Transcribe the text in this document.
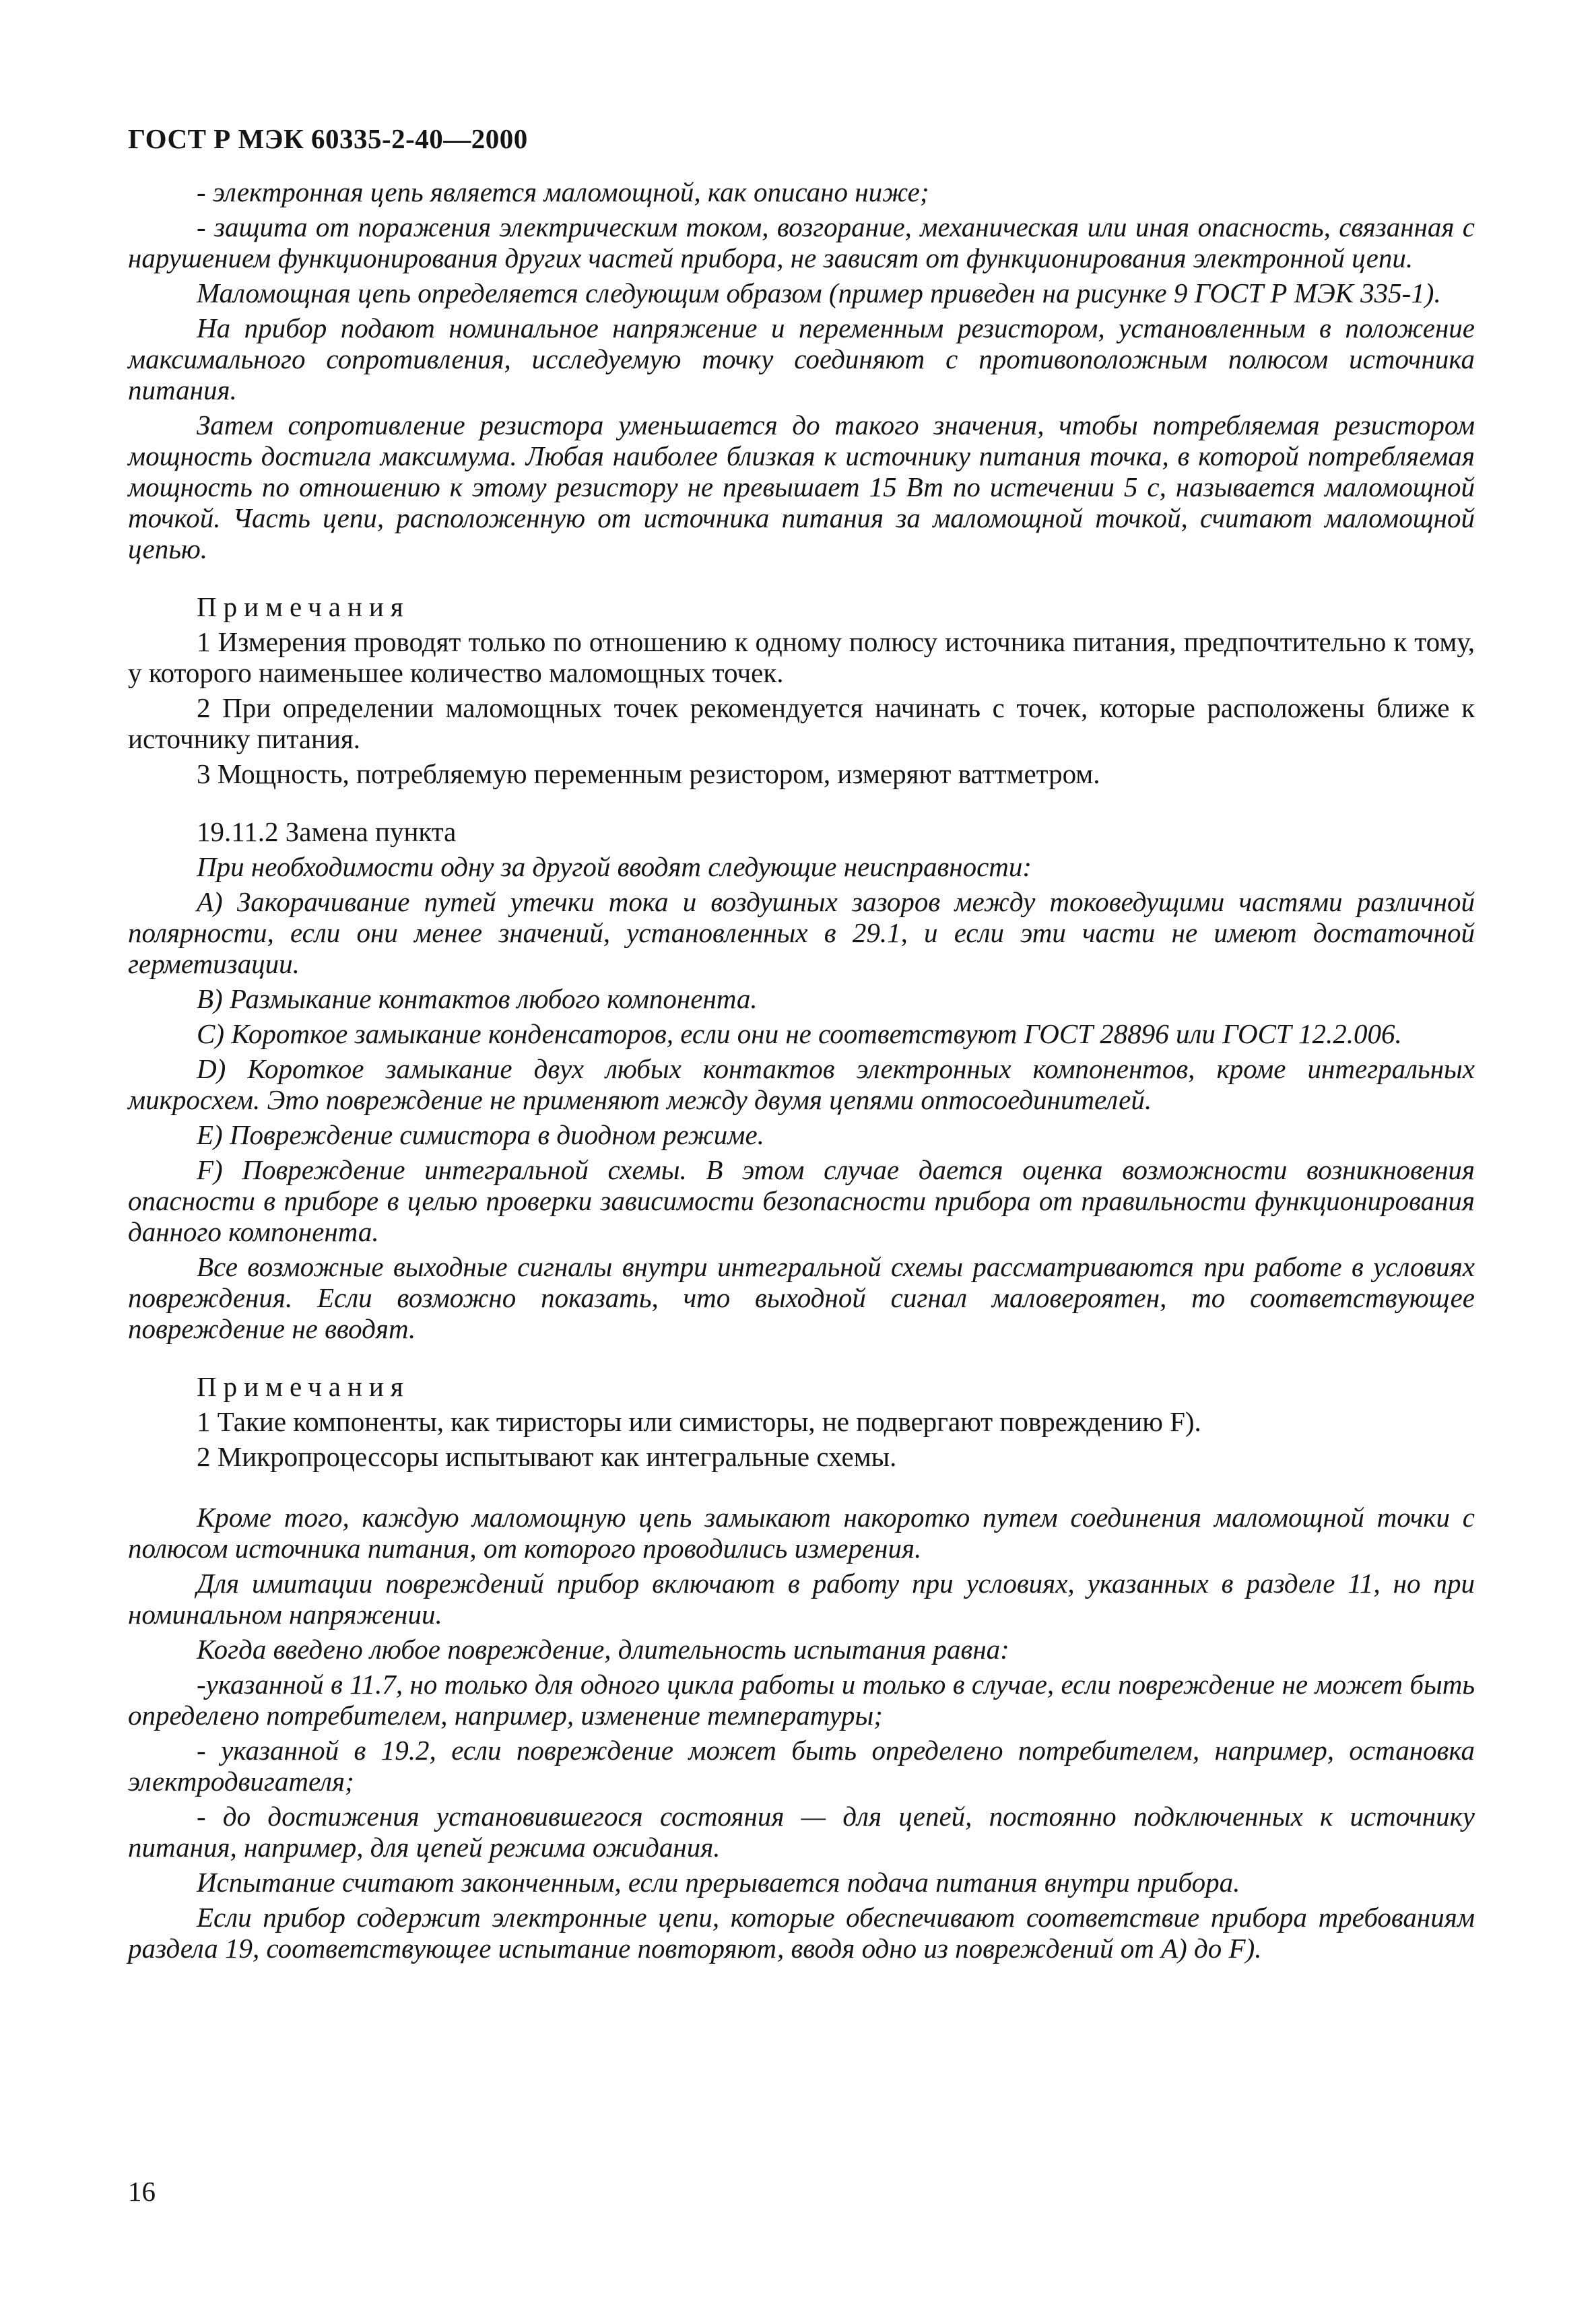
ГОСТ Р МЭК 60335-2-40—2000

- электронная цепь является маломощной, как описано ниже;

- защита от поражения электрическим током, возгорание, механическая или иная опасность, связанная с нарушением функционирования других частей прибора, не зависят от функционирования электронной цепи.

Маломощная цепь определяется следующим образом (пример приведен на рисунке 9 ГОСТ Р МЭК 335-1).

На прибор подают номинальное напряжение и переменным резистором, установленным в положение максимального сопротивления, исследуемую точку соединяют с противоположным полюсом источника питания.

Затем сопротивление резистора уменьшается до такого значения, чтобы потребляемая резистором мощность достигла максимума. Любая наиболее близкая к источнику питания точка, в которой потребляемая мощность по отношению к этому резистору не превышает 15 Вт по истечении 5 с, называется маломощной точкой. Часть цепи, расположенную от источника питания за маломощной точкой, считают маломощной цепью.

Примечания

1 Измерения проводят только по отношению к одному полюсу источника питания, предпочтительно к тому, у которого наименьшее количество маломощных точек.

2 При определении маломощных точек рекомендуется начинать с точек, которые расположены ближе к источнику питания.

3 Мощность, потребляемую переменным резистором, измеряют ваттметром.

19.11.2 Замена пункта

При необходимости одну за другой вводят следующие неисправности:

А) Закорачивание путей утечки тока и воздушных зазоров между токоведущими частями различной полярности, если они менее значений, установленных в 29.1, и если эти части не имеют достаточной герметизации.

В) Размыкание контактов любого компонента.

С) Короткое замыкание конденсаторов, если они не соответствуют ГОСТ 28896 или ГОСТ 12.2.006.

D) Короткое замыкание двух любых контактов электронных компонентов, кроме интегральных микросхем. Это повреждение не применяют между двумя цепями оптосоединителей.

Е) Повреждение симистора в диодном режиме.

F) Повреждение интегральной схемы. В этом случае дается оценка возможности возникновения опасности в приборе в целью проверки зависимости безопасности прибора от правильности функционирования данного компонента.

Все возможные выходные сигналы внутри интегральной схемы рассматриваются при работе в условиях повреждения. Если возможно показать, что выходной сигнал маловероятен, то соответствующее повреждение не вводят.

Примечания

1 Такие компоненты, как тиристоры или симисторы, не подвергают повреждению F).

2 Микропроцессоры испытывают как интегральные схемы.

Кроме того, каждую маломощную цепь замыкают накоротко путем соединения маломощной точки с полюсом источника питания, от которого проводились измерения.

Для имитации повреждений прибор включают в работу при условиях, указанных в разделе 11, но при номинальном напряжении.

Когда введено любое повреждение, длительность испытания равна:

-указанной в 11.7, но только для одного цикла работы и только в случае, если повреждение не может быть определено потребителем, например, изменение температуры;

- указанной в 19.2, если повреждение может быть определено потребителем, например, остановка электродвигателя;

- до достижения установившегося состояния — для цепей, постоянно подключенных к источнику питания, например, для цепей режима ожидания.

Испытание считают законченным, если прерывается подача питания внутри прибора.

Если прибор содержит электронные цепи, которые обеспечивают соответствие прибора требованиям раздела 19, соответствующее испытание повторяют, вводя одно из повреждений от А) до F).

16
